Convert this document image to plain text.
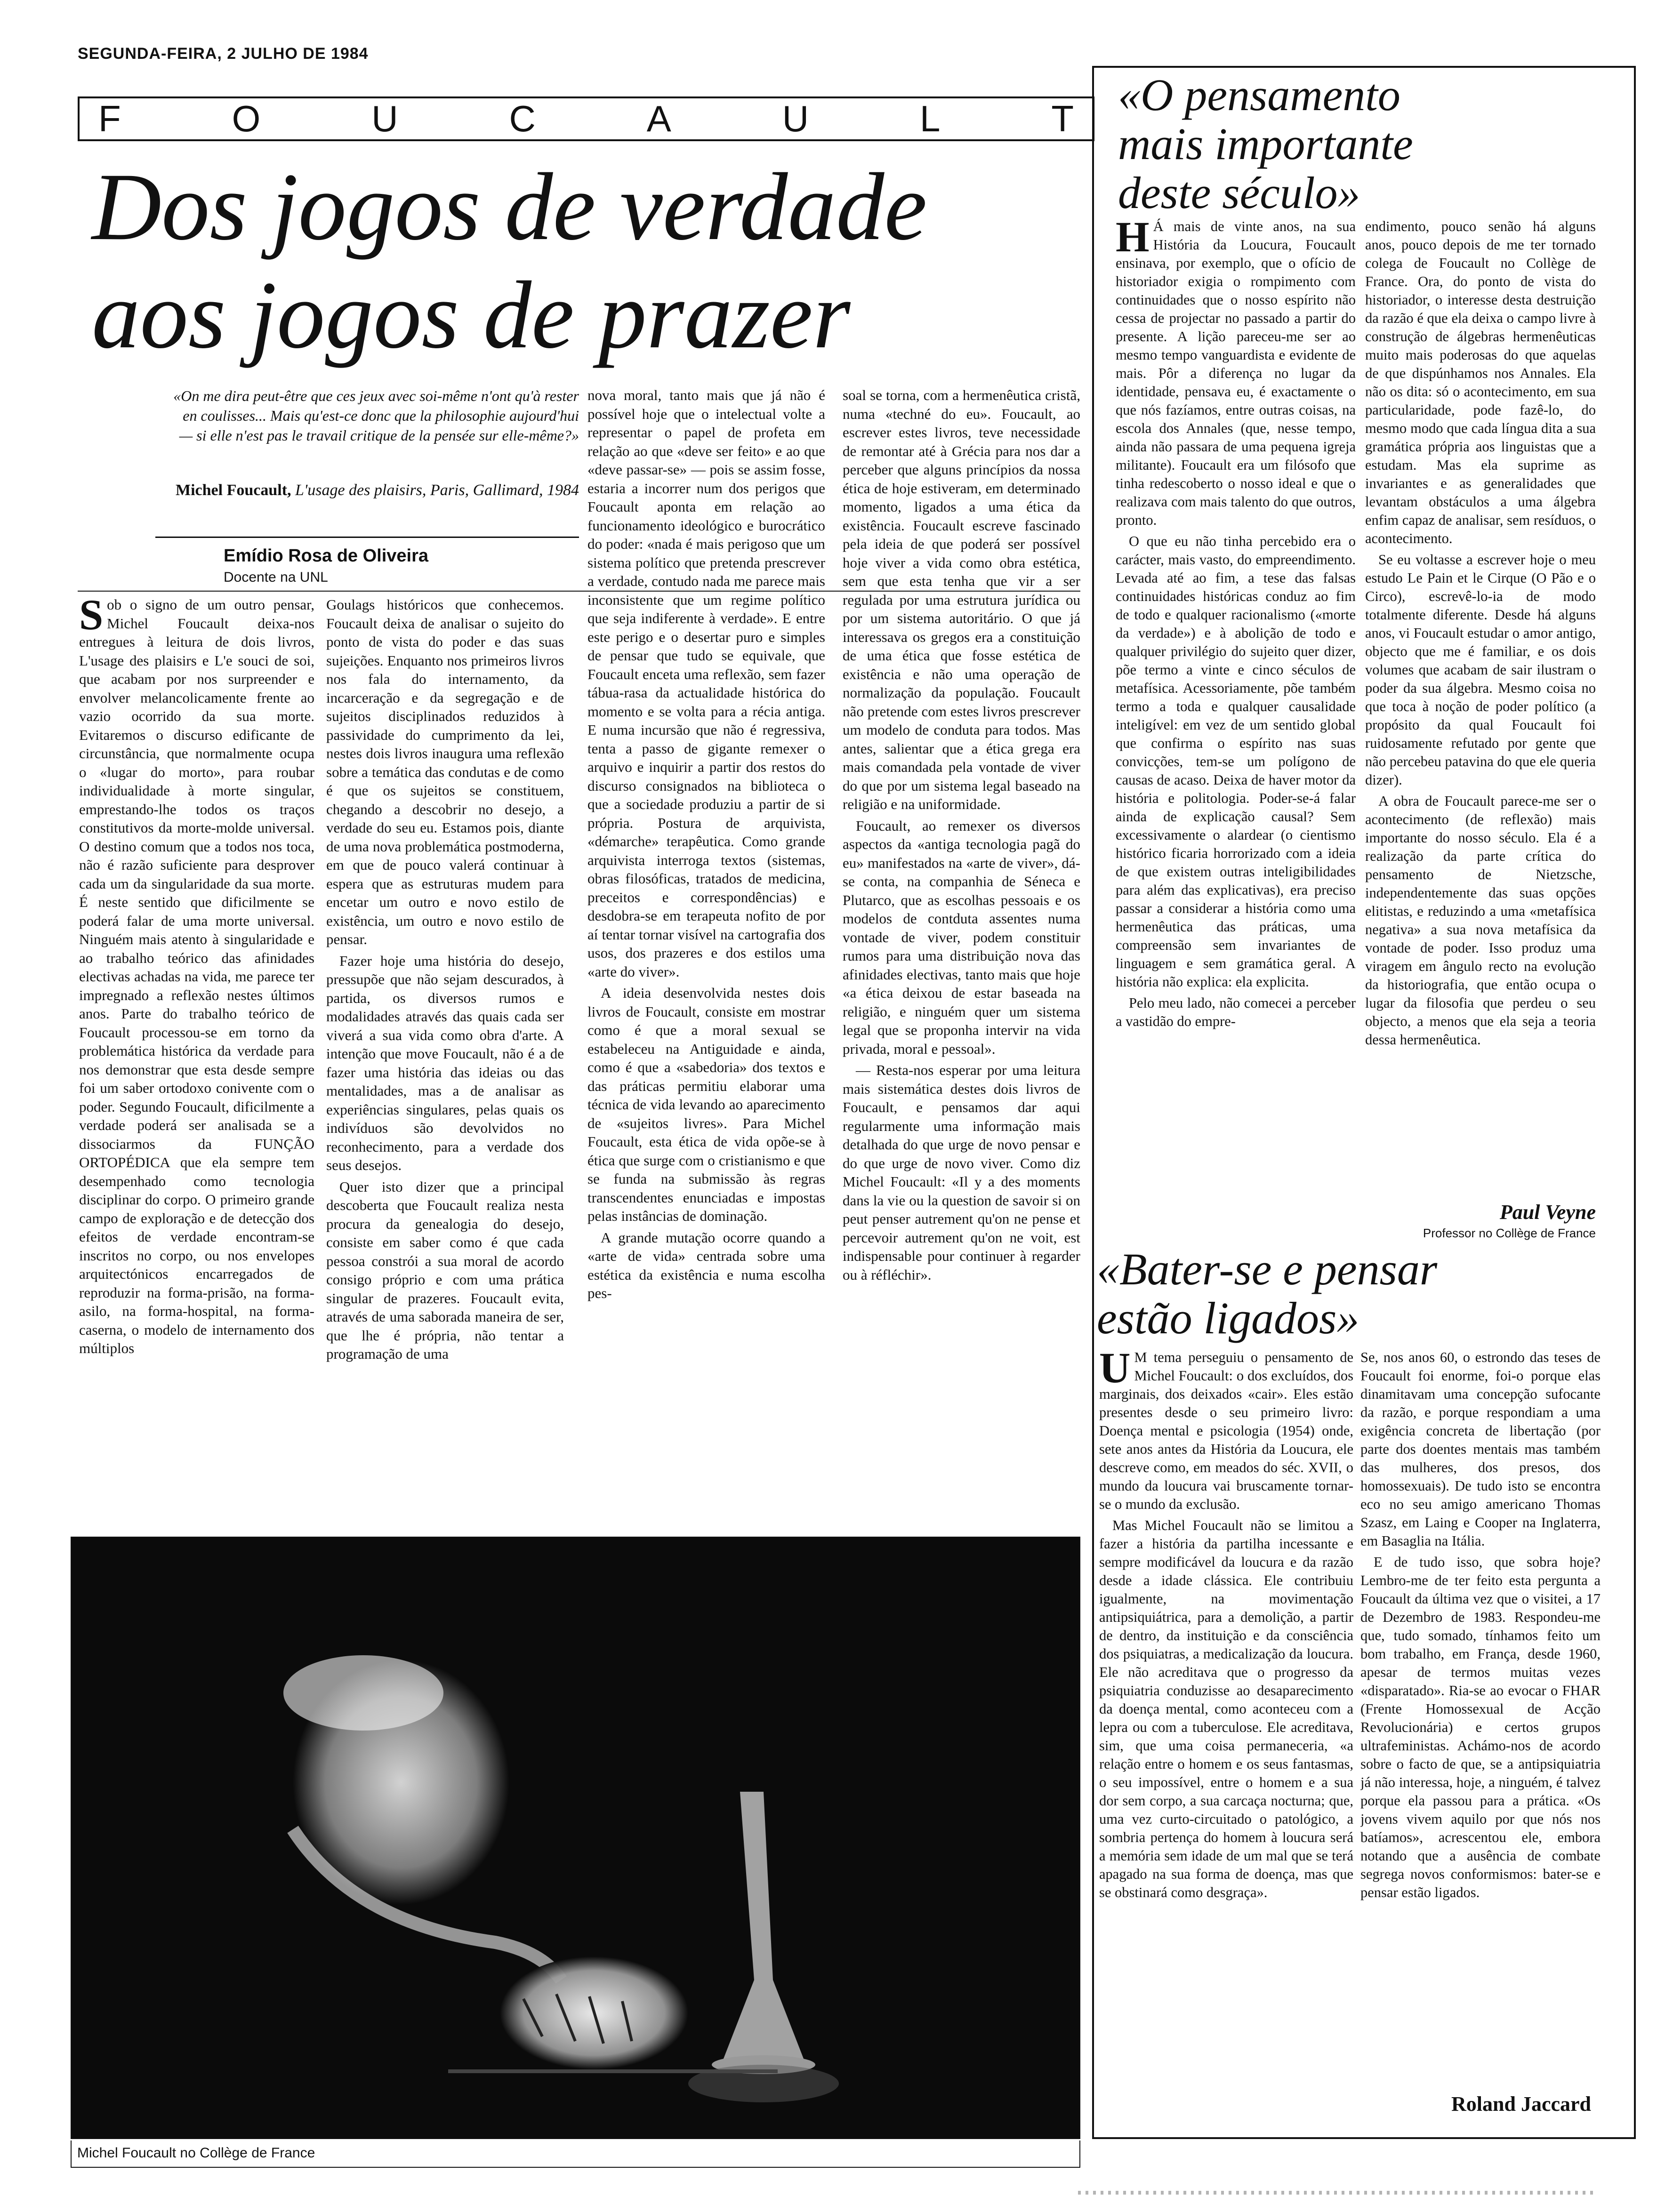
SEGUNDA-FEIRA, 2 JULHO DE 1984
F	O	U	C	A	U	L	T
Dos jogos de verdade
aos jogos de prazer
«On me dira peut-être que ces jeux avec soi-même n'ont qu'à rester en coulisses... Mais qu'est-ce donc que la philosophie aujourd'hui — si elle n'est pas le travail critique de la pensée sur elle-même?»
Michel Foucault, L'usage des plaisirs, Paris, Gallimard, 1984
Emídio Rosa de Oliveira
Docente na UNL

Sob o signo de um outro pensar, Michel Foucault deixa-nos entregues à leitura de dois livros, L'usage des plaisirs e L'e souci de soi, que acabam por nos surpreender e envolver melancolicamente frente ao vazio ocorrido da sua morte. Evitaremos o discurso edificante de circunstância, que normalmente ocupa o «lugar do morto», para roubar individualidade à morte singular, emprestando-lhe todos os traços constitutivos da morte-molde universal. O destino comum que a todos nos toca, não é razão suficiente para desprover cada um da singularidade da sua morte. É neste sentido que dificilmente se poderá falar de uma morte universal. Ninguém mais atento à singularidade e ao trabalho teórico das afinidades electivas achadas na vida, me parece ter impregnado a reflexão nestes últimos anos. Parte do trabalho teórico de Foucault processou-se em torno da problemática histórica da verdade para nos demonstrar que esta desde sempre foi um saber ortodoxo conivente com o poder. Segundo Foucault, dificilmente a verdade poderá ser analisada se a dissociarmos da FUNÇÃO ORTOPÉDICA que ela sempre tem desempenhado como tecnologia disciplinar do corpo. O primeiro grande campo de exploração e de detecção dos efeitos de verdade encontram-se inscritos no corpo, ou nos envelopes arquitectónicos encarregados de reproduzir na forma-prisão, na forma-asilo, na forma-hospital, na forma-caserna, o modelo de internamento dos múltiplos

Goulags históricos que conhecemos. Foucault deixa de analisar o sujeito do ponto de vista do poder e das suas sujeições. Enquanto nos primeiros livros nos fala do internamento, da incarceração e da segregação e de sujeitos disciplinados reduzidos à passividade do cumprimento da lei, nestes dois livros inaugura uma reflexão sobre a temática das condutas e de como é que os sujeitos se constituem, chegando a descobrir no desejo, a verdade do seu eu. Estamos pois, diante de uma nova problemática postmoderna, em que de pouco valerá continuar à espera que as estruturas mudem para encetar um outro e novo estilo de existência, um outro e novo estilo de pensar.

Fazer hoje uma história do desejo, pressupõe que não sejam descurados, à partida, os diversos rumos e modalidades através das quais cada ser viverá a sua vida como obra d'arte. A intenção que move Foucault, não é a de fazer uma história das ideias ou das mentalidades, mas a de analisar as experiências singulares, pelas quais os indivíduos são devolvidos no reconhecimento, para a verdade dos seus desejos.

Quer isto dizer que a principal descoberta que Foucault realiza nesta procura da genealogia do desejo, consiste em saber como é que cada pessoa constrói a sua moral de acordo consigo próprio e com uma prática singular de prazeres. Foucault evita, através de uma saborada maneira de ser, que lhe é própria, não tentar a programação de uma

nova moral, tanto mais que já não é possível hoje que o intelectual volte a representar o papel de profeta em relação ao que «deve ser feito» e ao que «deve passar-se» — pois se assim fosse, estaria a incorrer num dos perigos que Foucault aponta em relação ao funcionamento ideológico e burocrático do poder: «nada é mais perigoso que um sistema político que pretenda prescrever a verdade, contudo nada me parece mais inconsistente que um regime político que seja indiferente à verdade». E entre este perigo e o desertar puro e simples de pensar que tudo se equivale, que Foucault enceta uma reflexão, sem fazer tábua-rasa da actualidade histórica do momento e se volta para a récia antiga. E numa incursão que não é regressiva, tenta a passo de gigante remexer o arquivo e inquirir a partir dos restos do discurso consignados na biblioteca o que a sociedade produziu a partir de si própria. Postura de arquivista, «démarche» terapêutica. Como grande arquivista interroga textos (sistemas, obras filosóficas, tratados de medicina, preceitos e correspondências) e desdobra-se em terapeuta nofito de por aí tentar tornar visível na cartografia dos usos, dos prazeres e dos estilos uma «arte do viver».

A ideia desenvolvida nestes dois livros de Foucault, consiste em mostrar como é que a moral sexual se estabeleceu na Antiguidade e ainda, como é que a «sabedoria» dos textos e das práticas permitiu elaborar uma técnica de vida levando ao aparecimento de «sujeitos livres». Para Michel Foucault, esta ética de vida opõe-se à ética que surge com o cristianismo e que se funda na submissão às regras transcendentes enunciadas e impostas pelas instâncias de dominação.

A grande mutação ocorre quando a «arte de vida» centrada sobre uma estética da existência e numa escolha pes-

soal se torna, com a hermenêutica cristã, numa «techné do eu». Foucault, ao escrever estes livros, teve necessidade de remontar até à Grécia para nos dar a perceber que alguns princípios da nossa ética de hoje estiveram, em determinado momento, ligados a uma ética da existência. Foucault escreve fascinado pela ideia de que poderá ser possível hoje viver a vida como obra estética, sem que esta tenha que vir a ser regulada por uma estrutura jurídica ou por um sistema autoritário. O que já interessava os gregos era a constituição de uma ética que fosse estética de existência e não uma operação de normalização da população. Foucault não pretende com estes livros prescrever um modelo de conduta para todos. Mas antes, salientar que a ética grega era mais comandada pela vontade de viver do que por um sistema legal baseado na religião e na uniformidade.

Foucault, ao remexer os diversos aspectos da «antiga tecnologia pagã do eu» manifestados na «arte de viver», dá-se conta, na companhia de Séneca e Plutarco, que as escolhas pessoais e os modelos de contduta assentes numa vontade de viver, podem constituir rumos para uma distribuição nova das afinidades electivas, tanto mais que hoje «a ética deixou de estar baseada na religião, e ninguém quer um sistema legal que se proponha intervir na vida privada, moral e pessoal».

— Resta-nos esperar por uma leitura mais sistemática destes dois livros de Foucault, e pensamos dar aqui regularmente uma informação mais detalhada do que urge de novo pensar e do que urge de novo viver. Como diz Michel Foucault: «Il y a des moments dans la vie ou la question de savoir si on peut penser autrement qu'on ne pense et percevoir autrement qu'on ne voit, est indispensable pour continuer à regarder ou à réfléchir».

Michel Foucault no Collège de France
«O pensamento
mais importante
deste século»

H Á mais de vinte anos, na sua História da Loucura, Foucault ensinava, por exemplo, que o ofício de historiador exigia o rompimento com continuidades que o nosso espírito não cessa de projectar no passado a partir do presente. A lição pareceu-me ser ao mesmo tempo vanguardista e evidente de mais. Pôr a diferença no lugar da identidade, pensava eu, é exactamente o que nós fazíamos, entre outras coisas, na escola dos Annales (que, nesse tempo, ainda não passara de uma pequena igreja militante). Foucault era um filósofo que tinha redescoberto o nosso ideal e que o realizava com mais talento do que outros, pronto.

O que eu não tinha percebido era o carácter, mais vasto, do empreendimento. Levada até ao fim, a tese das falsas continuidades históricas conduz ao fim de todo e qualquer racionalismo («morte da verdade») e à abolição de todo e qualquer privilégio do sujeito quer dizer, põe termo a vinte e cinco séculos de metafísica. Acessoriamente, põe também termo a toda e qualquer causalidade inteligível: em vez de um sentido global que confirma o espírito nas suas convicções, tem-se um polígono de causas de acaso. Deixa de haver motor da história e politologia. Poder-se-á falar ainda de explicação causal? Sem excessivamente o alardear (o cientismo histórico ficaria horrorizado com a ideia de que existem outras inteligibilidades para além das explicativas), era preciso passar a considerar a história como uma hermenêutica das práticas, uma compreensão sem invariantes de linguagem e sem gramática geral. A história não explica: ela explicita.

Pelo meu lado, não comecei a perceber a vastidão do empre-

endimento, pouco senão há alguns anos, pouco depois de me ter tornado colega de Foucault no Collège de France. Ora, do ponto de vista do historiador, o interesse desta destruição da razão é que ela deixa o campo livre à construção de álgebras hermenêuticas muito mais poderosas do que aquelas de que dispúnhamos nos Annales. Ela não os dita: só o acontecimento, em sua particularidade, pode fazê-lo, do mesmo modo que cada língua dita a sua gramática própria aos linguistas que a estudam. Mas ela suprime as invariantes e as generalidades que levantam obstáculos a uma álgebra enfim capaz de analisar, sem resíduos, o acontecimento.

Se eu voltasse a escrever hoje o meu estudo Le Pain et le Cirque (O Pão e o Circo), escrevê-lo-ia de modo totalmente diferente. Desde há alguns anos, vi Foucault estudar o amor antigo, objecto que me é familiar, e os dois volumes que acabam de sair ilustram o poder da sua álgebra. Mesmo coisa no que toca à noção de poder político (a propósito da qual Foucault foi ruidosamente refutado por gente que não percebeu patavina do que ele queria dizer).

A obra de Foucault parece-me ser o acontecimento (de reflexão) mais importante do nosso século. Ela é a realização da parte crítica do pensamento de Nietzsche, independentemente das suas opções elitistas, e reduzindo a uma «metafísica negativa» a sua nova metafísica da vontade de poder. Isso produz uma viragem em ângulo recto na evolução da historiografia, que então ocupa o lugar da filosofia que perdeu o seu objecto, a menos que ela seja a teoria dessa hermenêutica.

Paul Veyne
Professor no Collège de France
«Bater-se e pensar
estão ligados»

U M tema perseguiu o pensamento de Michel Foucault: o dos excluídos, dos marginais, dos deixados «cair». Eles estão presentes desde o seu primeiro livro: Doença mental e psicologia (1954) onde, sete anos antes da História da Loucura, ele descreve como, em meados do séc. XVII, o mundo da loucura vai bruscamente tornar-se o mundo da exclusão.

Mas Michel Foucault não se limitou a fazer a história da partilha incessante e sempre modificável da loucura e da razão desde a idade clássica. Ele contribuiu igualmente, na movimentação antipsiquiátrica, para a demolição, a partir de dentro, da instituição e da consciência dos psiquiatras, a medicalização da loucura. Ele não acreditava que o progresso da psiquiatria conduzisse ao desaparecimento da doença mental, como aconteceu com a lepra ou com a tuberculose. Ele acreditava, sim, que uma coisa permaneceria, «a relação entre o homem e os seus fantasmas, o seu impossível, entre o homem e a sua dor sem corpo, a sua carcaça nocturna; que, uma vez curto-circuitado o patológico, a sombria pertença do homem à loucura será a memória sem idade de um mal que se terá apagado na sua forma de doença, mas que se obstinará como desgraça».

Se, nos anos 60, o estrondo das teses de Foucault foi enorme, foi-o porque elas dinamitavam uma concepção sufocante da razão, e porque respondiam a uma exigência concreta de libertação (por parte dos doentes mentais mas também das mulheres, dos presos, dos homossexuais). De tudo isto se encontra eco no seu amigo americano Thomas Szasz, em Laing e Cooper na Inglaterra, em Basaglia na Itália.

E de tudo isso, que sobra hoje? Lembro-me de ter feito esta pergunta a Foucault da última vez que o visitei, a 17 de Dezembro de 1983. Respondeu-me que, tudo somado, tínhamos feito um bom trabalho, em França, desde 1960, apesar de termos muitas vezes «disparatado». Ria-se ao evocar o FHAR (Frente Homossexual de Acção Revolucionária) e certos grupos ultrafeministas. Achámo-nos de acordo sobre o facto de que, se a antipsiquiatria já não interessa, hoje, a ninguém, é talvez porque ela passou para a prática. «Os jovens vivem aquilo por que nós nos batíamos», acrescentou ele, embora notando que a ausência de combate segrega novos conformismos: bater-se e pensar estão ligados.

Roland Jaccard
